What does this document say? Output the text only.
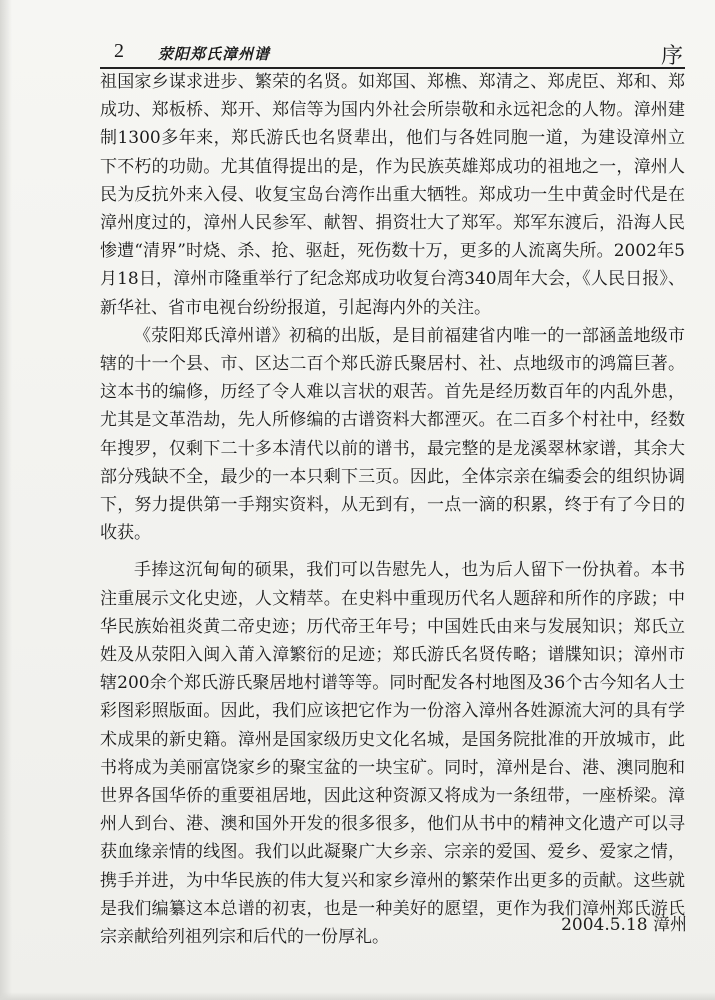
2 荥阳郑氏漳州谱	序

祖国家乡谋求进步、繁荣的名贤。如郑国、郑樵、郑清之、郑虎臣、郑和、郑成功、郑板桥、郑开、郑信等为国内外社会所崇敬和永远祀念的人物。漳州建制1300多年来，郑氏游氏也名贤辈出，他们与各姓同胞一道，为建设漳州立下不朽的功勋。尤其值得提出的是，作为民族英雄郑成功的祖地之一，漳州人民为反抗外来入侵、收复宝岛台湾作出重大牺牲。郑成功一生中黄金时代是在漳州度过的，漳州人民参军、献智、捐资壮大了郑军。郑军东渡后，沿海人民惨遭“清界”时烧、杀、抢、驱赶，死伤数十万，更多的人流离失所。2002年5月18日，漳州市隆重举行了纪念郑成功收复台湾340周年大会，《人民日报》、新华社、省市电视台纷纷报道，引起海内外的关注。

《荥阳郑氏漳州谱》初稿的出版，是目前福建省内唯一的一部涵盖地级市辖的十一个县、市、区达二百个郑氏游氏聚居村、社、点地级市的鸿篇巨著。这本书的编修，历经了令人难以言状的艰苦。首先是经历数百年的内乱外患，尤其是文革浩劫，先人所修编的古谱资料大都湮灭。在二百多个村社中，经数年搜罗，仅剩下二十多本清代以前的谱书，最完整的是龙溪翠林家谱，其余大部分残缺不全，最少的一本只剩下三页。因此，全体宗亲在编委会的组织协调下，努力提供第一手翔实资料，从无到有，一点一滴的积累，终于有了今日的收获。

手捧这沉甸甸的硕果，我们可以告慰先人，也为后人留下一份执着。本书注重展示文化史迹，人文精萃。在史料中重现历代名人题辞和所作的序跋；中华民族始祖炎黄二帝史迹；历代帝王年号；中国姓氏由来与发展知识；郑氏立姓及从荥阳入闽入莆入漳繁衍的足迹；郑氏游氏名贤传略；谱牒知识；漳州市辖200余个郑氏游氏聚居地村谱等等。同时配发各村地图及36个古今知名人士彩图彩照版面。因此，我们应该把它作为一份溶入漳州各姓源流大河的具有学术成果的新史籍。漳州是国家级历史文化名城，是国务院批准的开放城市，此书将成为美丽富饶家乡的聚宝盆的一块宝矿。同时，漳州是台、港、澳同胞和世界各国华侨的重要祖居地，因此这种资源又将成为一条纽带，一座桥梁。漳州人到台、港、澳和国外开发的很多很多，他们从书中的精神文化遗产可以寻获血缘亲情的线图。我们以此凝聚广大乡亲、宗亲的爱国、爱乡、爱家之情，携手并进，为中华民族的伟大复兴和家乡漳州的繁荣作出更多的贡献。这些就是我们编纂这本总谱的初衷，也是一种美好的愿望，更作为我们漳州郑氏游氏宗亲献给列祖列宗和后代的一份厚礼。

2004.5.18 漳州
